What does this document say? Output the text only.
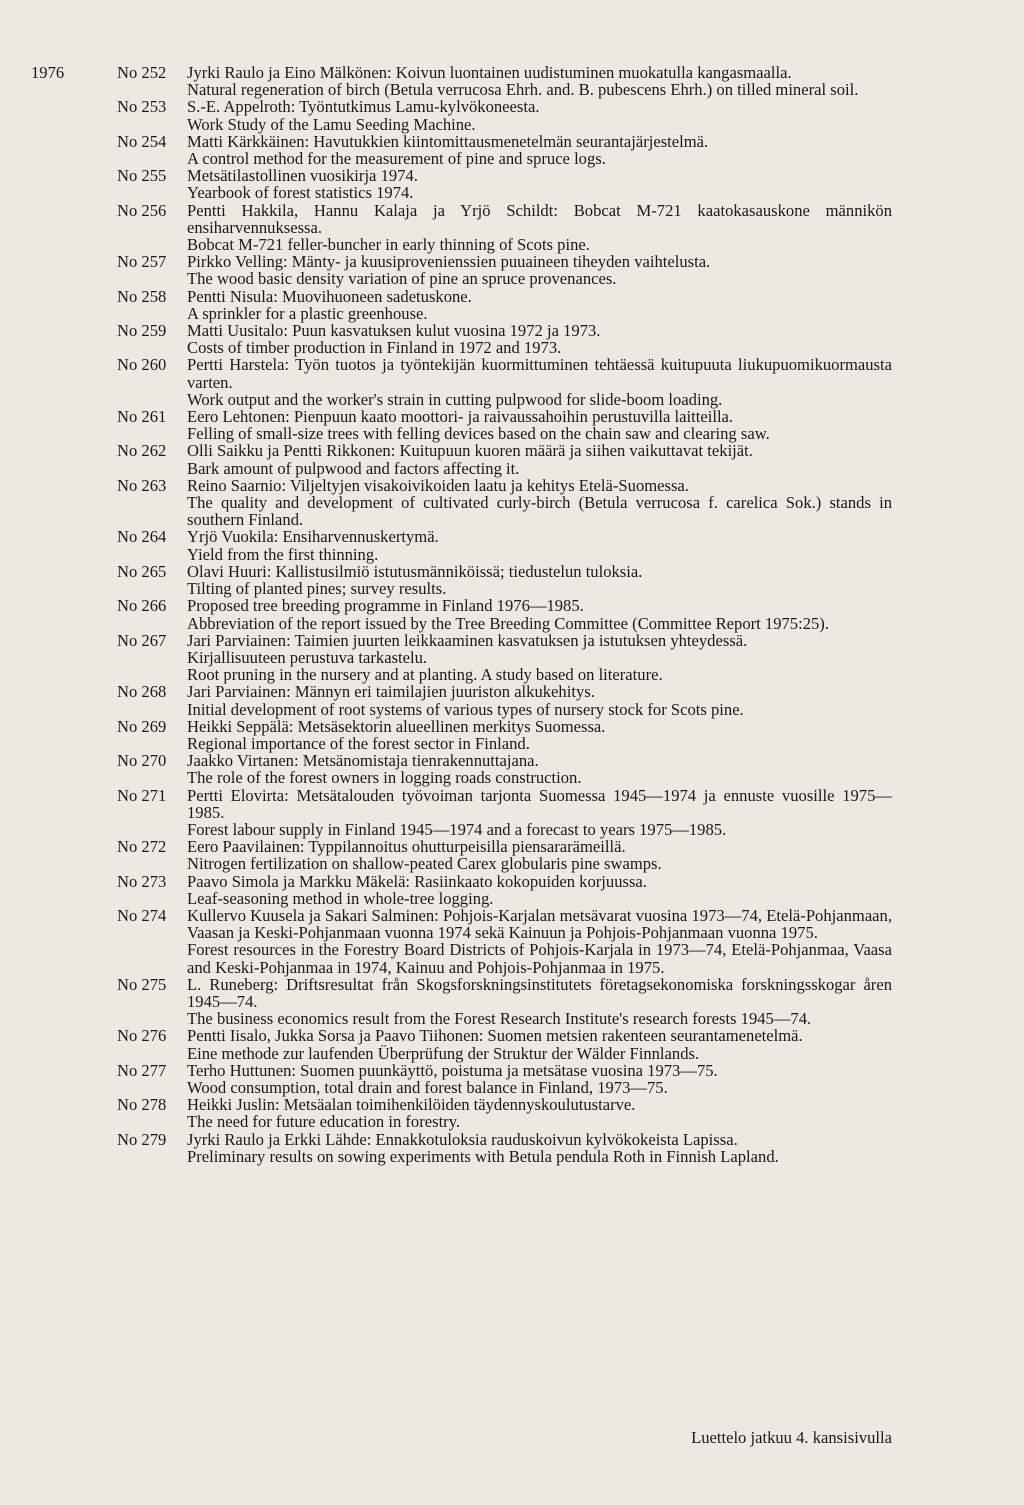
1976	No 252	Jyrki Raulo ja Eino Mälkönen: Koivun luontainen uudistuminen muokatulla kangasmaalla.
Natural regeneration of birch (Betula verrucosa Ehrh. and. B. pubescens Ehrh.) on tilled mineral soil.
No 253	S.-E. Appelroth: Työntutkimus Lamu-kylvökoneesta.
Work Study of the Lamu Seeding Machine.
No 254	Matti Kärkkäinen: Havutukkien kiintomittausmenetelmän seurantajärjestelmä.
A control method for the measurement of pine and spruce logs.
No 255	Metsätilastollinen vuosikirja 1974.
Yearbook of forest statistics 1974.
No 256	Pentti Hakkila, Hannu Kalaja ja Yrjö Schildt: Bobcat M-721 kaatokasauskone männikön ensiharvennuksessa.
Bobcat M-721 feller-buncher in early thinning of Scots pine.
No 257	Pirkko Velling: Mänty- ja kuusiprovenienssien puuaineen tiheyden vaihtelusta.
The wood basic density variation of pine an spruce provenances.
No 258	Pentti Nisula: Muovihuoneen sadetuskone.
A sprinkler for a plastic greenhouse.
No 259	Matti Uusitalo: Puun kasvatuksen kulut vuosina 1972 ja 1973.
Costs of timber production in Finland in 1972 and 1973.
No 260	Pertti Harstela: Työn tuotos ja työntekijän kuormittuminen tehtäessä kuitupuuta liukupuomikuormausta varten.
Work output and the worker's strain in cutting pulpwood for slide-boom loading.
No 261	Eero Lehtonen: Pienpuun kaato moottori- ja raivaussahoihin perustuvilla laitteilla.
Felling of small-size trees with felling devices based on the chain saw and clearing saw.
No 262	Olli Saikku ja Pentti Rikkonen: Kuitupuun kuoren määrä ja siihen vaikuttavat tekijät.
Bark amount of pulpwood and factors affecting it.
No 263	Reino Saarnio: Viljeltyjen visakoivikoiden laatu ja kehitys Etelä-Suomessa.
The quality and development of cultivated curly-birch (Betula verrucosa f. carelica Sok.) stands in southern Finland.
No 264	Yrjö Vuokila: Ensiharvennuskertymä.
Yield from the first thinning.
No 265	Olavi Huuri: Kallistusilmiö istutusmänniköissä; tiedustelun tuloksia.
Tilting of planted pines; survey results.
No 266	Proposed tree breeding programme in Finland 1976—1985.
Abbreviation of the report issued by the Tree Breeding Committee (Committee Report 1975:25).
No 267	Jari Parviainen: Taimien juurten leikkaaminen kasvatuksen ja istutuksen yhteydessä.
Kirjallisuuteen perustuva tarkastelu.
Root pruning in the nursery and at planting. A study based on literature.
No 268	Jari Parviainen: Männyn eri taimilajien juuriston alkukehitys.
Initial development of root systems of various types of nursery stock for Scots pine.
No 269	Heikki Seppälä: Metsäsektorin alueellinen merkitys Suomessa.
Regional importance of the forest sector in Finland.
No 270	Jaakko Virtanen: Metsänomistaja tienrakennuttajana.
The role of the forest owners in logging roads construction.
No 271	Pertti Elovirta: Metsätalouden työvoiman tarjonta Suomessa 1945—1974 ja ennuste vuosille 1975—1985.
Forest labour supply in Finland 1945—1974 and a forecast to years 1975—1985.
No 272	Eero Paavilainen: Typpilannoitus ohutturpeisilla piensararämeillä.
Nitrogen fertilization on shallow-peated Carex globularis pine swamps.
No 273	Paavo Simola ja Markku Mäkelä: Rasiinkaato kokopuiden korjuussa.
Leaf-seasoning method in whole-tree logging.
No 274	Kullervo Kuusela ja Sakari Salminen: Pohjois-Karjalan metsävarat vuosina 1973—74, Etelä-Pohjanmaan, Vaasan ja Keski-Pohjanmaan vuonna 1974 sekä Kainuun ja Pohjois-Pohjanmaan vuonna 1975.
Forest resources in the Forestry Board Districts of Pohjois-Karjala in 1973—74, Etelä-Pohjanmaa, Vaasa and Keski-Pohjanmaa in 1974, Kainuu and Pohjois-Pohjanmaa in 1975.
No 275	L. Runeberg: Driftsresultat från Skogsforskningsinstitutets företagsekonomiska forskningsskogar åren 1945—74.
The business economics result from the Forest Research Institute's research forests 1945—74.
No 276	Pentti Iisalo, Jukka Sorsa ja Paavo Tiihonen: Suomen metsien rakenteen seurantamenetelmä.
Eine methode zur laufenden Überprüfung der Struktur der Wälder Finnlands.
No 277	Terho Huttunen: Suomen puunkäyttö, poistuma ja metsätase vuosina 1973—75.
Wood consumption, total drain and forest balance in Finland, 1973—75.
No 278	Heikki Juslin: Metsäalan toimihenkilöiden täydennyskoulutustarve.
The need for future education in forestry.
No 279	Jyrki Raulo ja Erkki Lähde: Ennakkotuloksia rauduskoivun kylvökokeista Lapissa.
Preliminary results on sowing experiments with Betula pendula Roth in Finnish Lapland.
Luettelo jatkuu 4. kansisivulla
